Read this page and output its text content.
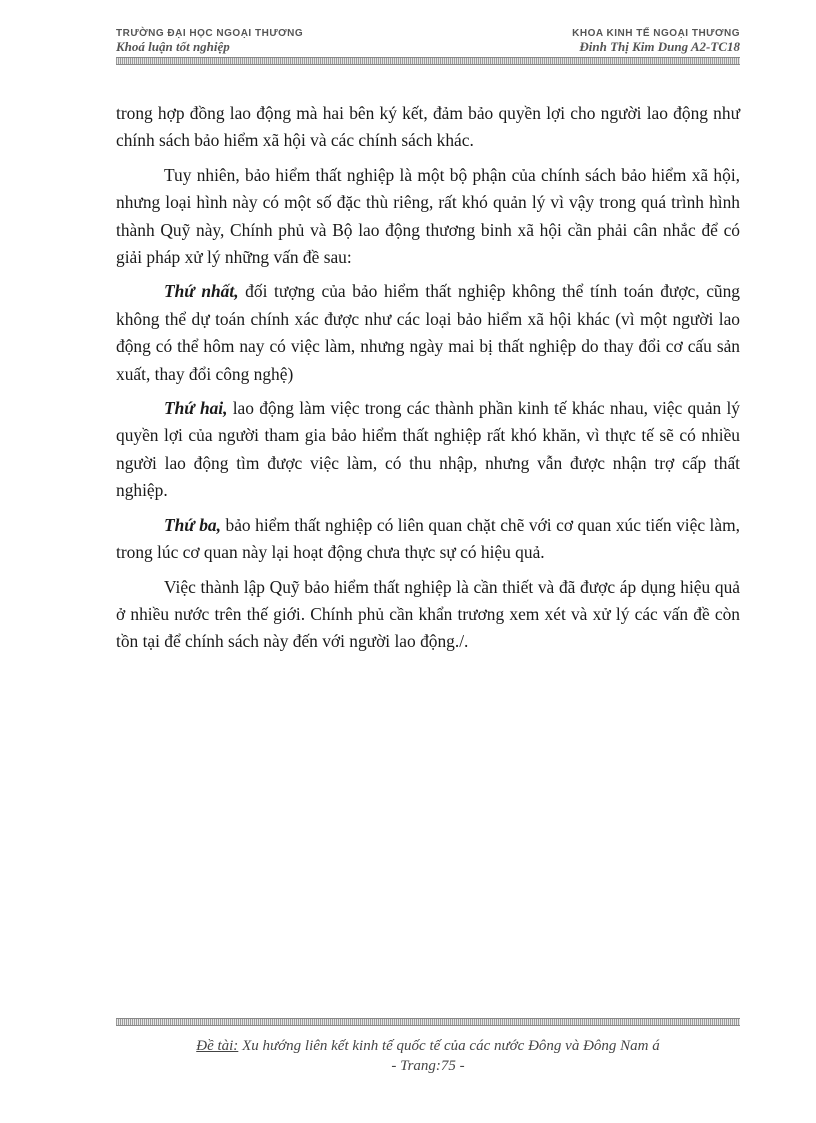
TRƯỜNG ĐẠI HỌC NGOẠI THƯƠNG	KHOA KINH TẾ NGOẠI THƯƠNG
Khoá luận tốt nghiệp	Đinh Thị Kim Dung A2-TC18

trong hợp đồng lao động mà hai bên ký kết, đảm bảo quyền lợi cho người lao động như chính sách bảo hiểm xã hội và các chính sách khác.

Tuy nhiên, bảo hiểm thất nghiệp là một bộ phận của chính sách bảo hiểm xã hội, nhưng loại hình này có một số đặc thù riêng, rất khó quản lý vì vậy trong quá trình hình thành Quỹ này, Chính phủ và Bộ lao động thương binh xã hội cần phải cân nhắc để có giải pháp xử lý những vấn đề sau:

Thứ nhất, đối tượng của bảo hiểm thất nghiệp không thể tính toán được, cũng không thể dự toán chính xác được như các loại bảo hiểm xã hội khác (vì một người lao động có thể hôm nay có việc làm, nhưng ngày mai bị thất nghiệp do thay đổi cơ cấu sản xuất, thay đổi công nghệ)

Thứ hai, lao động làm việc trong các thành phần kinh tế khác nhau, việc quản lý quyền lợi của người tham gia bảo hiểm thất nghiệp rất khó khăn, vì thực tế sẽ có nhiều người lao động tìm được việc làm, có thu nhập, nhưng vẫn được nhận trợ cấp thất nghiệp.

Thứ ba, bảo hiểm thất nghiệp có liên quan chặt chẽ với cơ quan xúc tiến việc làm, trong lúc cơ quan này lại hoạt động chưa thực sự có hiệu quả.

Việc thành lập Quỹ bảo hiểm thất nghiệp là cần thiết và đã được áp dụng hiệu quả ở nhiều nước trên thế giới. Chính phủ cần khẩn trương xem xét và xử lý các vấn đề còn tồn tại để chính sách này đến với người lao động./.

Đề tài: Xu hướng liên kết kinh tế quốc tế của các nước Đông và Đông Nam á
- Trang:75 -
